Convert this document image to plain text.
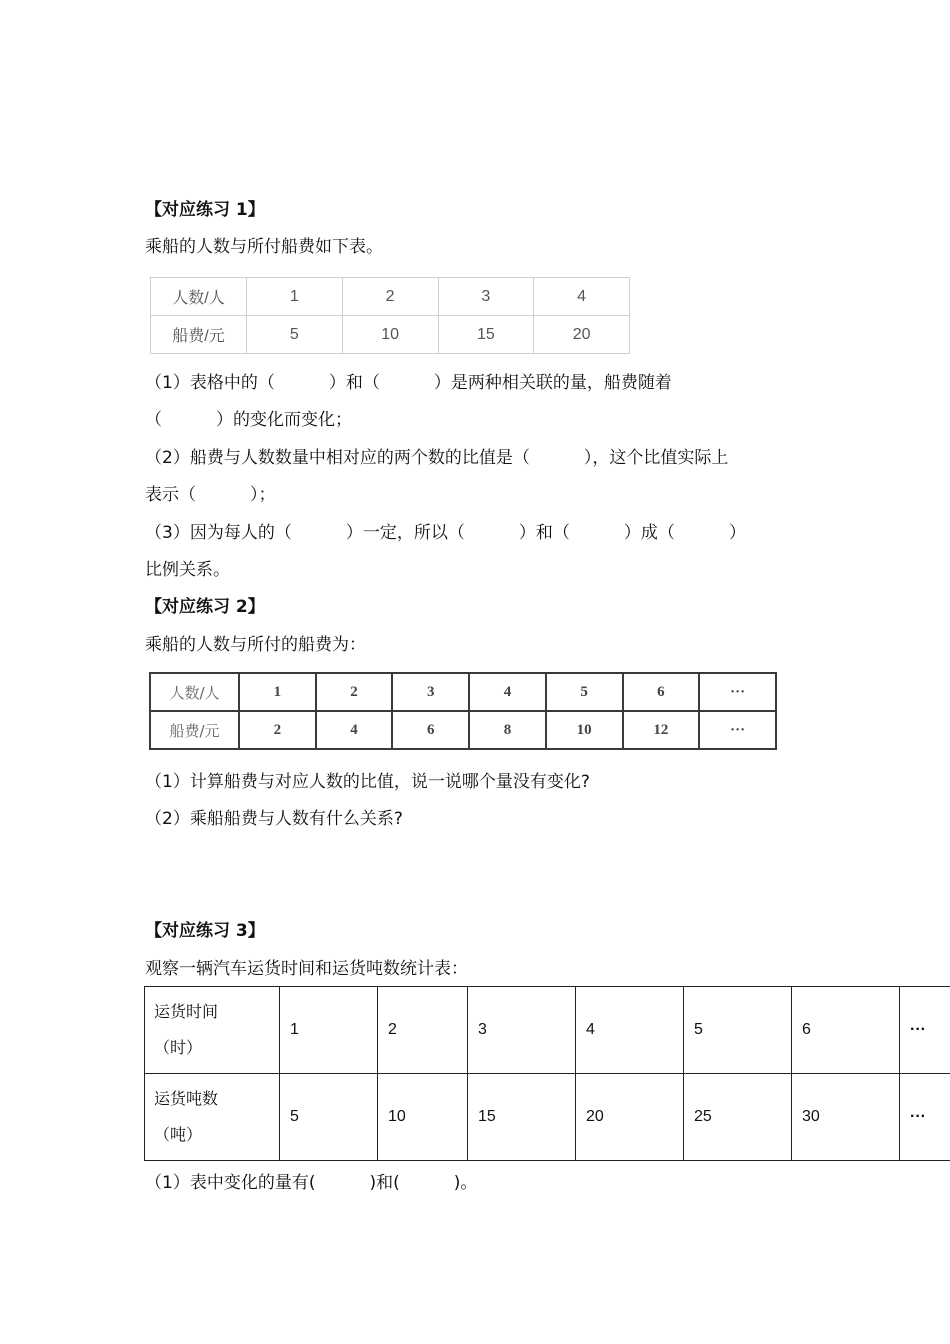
【对应练习 1】
乘船的人数与所付船费如下表。
人数/人	1	2	3	4
船费/元	5	10	15	20
（1）表格中的（          ）和（          ）是两种相关联的量，船费随着
（          ）的变化而变化；
（2）船费与人数数量中相对应的两个数的比值是（          ），这个比值实际上
表示（          ）；
（3）因为每人的（          ）一定，所以（          ）和（          ）成（          ）
比例关系。
【对应练习 2】
乘船的人数与所付的船费为：
人数/人	1	2	3	4	5	6	···
船费/元	2	4	6	8	10	12	···
（1）计算船费与对应人数的比值，说一说哪个量没有变化?
（2）乘船船费与人数有什么关系?
【对应练习 3】
观察一辆汽车运货时间和运货吨数统计表：
运货时间
（时）	1	2	3	4	5	6	···

运货吨数
（吨）	5	10	15	20	25	30	···
（1）表中变化的量有(          )和(          )。
